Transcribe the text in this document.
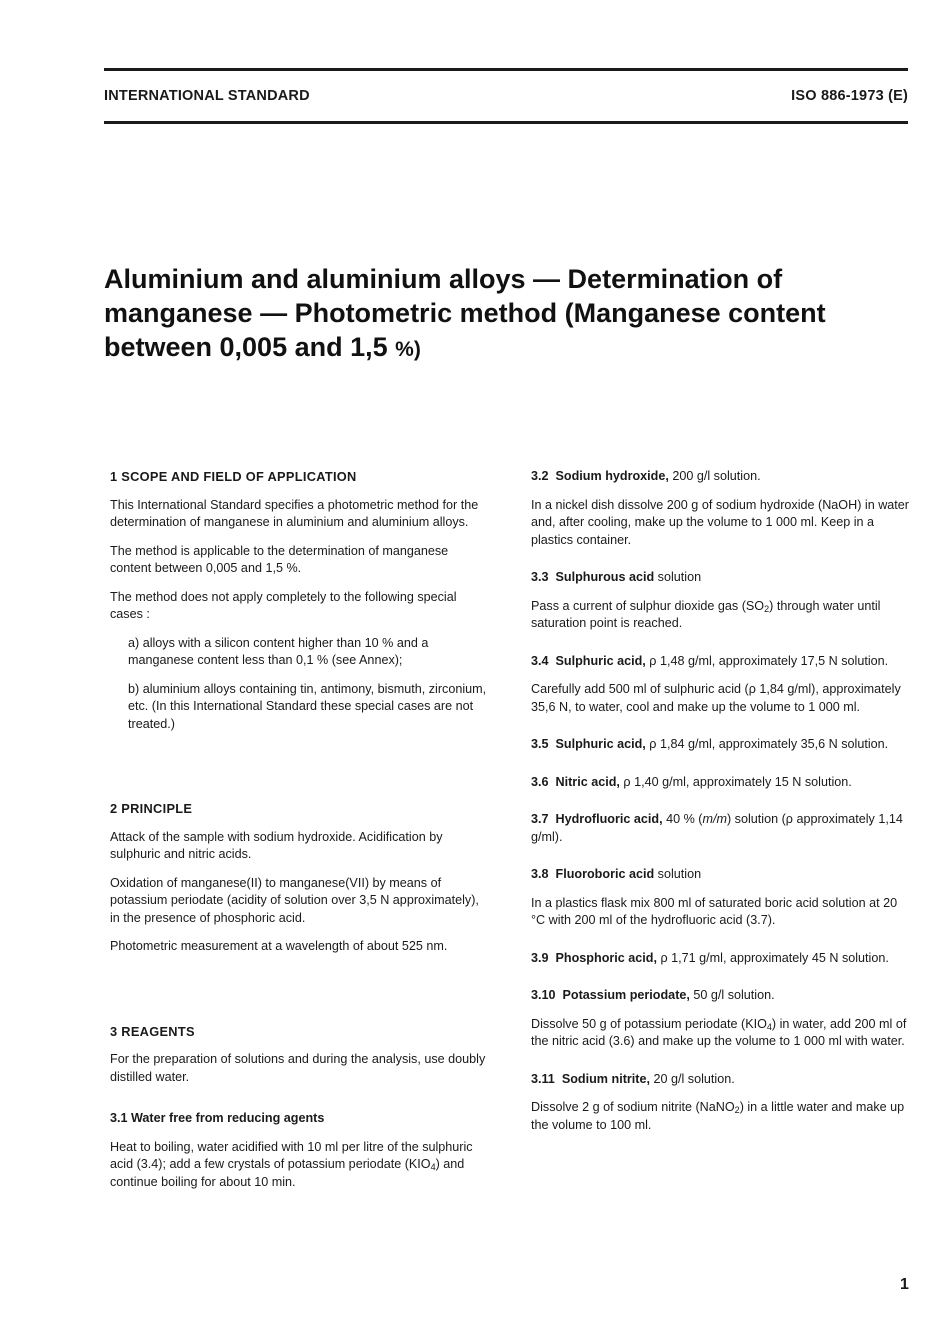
INTERNATIONAL STANDARD	ISO 886-1973 (E)
Aluminium and aluminium alloys — Determination of
manganese — Photometric method (Manganese content
between 0,005 and 1,5 %)

1 SCOPE AND FIELD OF APPLICATION

This International Standard specifies a photometric method for the determination of manganese in aluminium and aluminium alloys.

The method is applicable to the determination of manganese content between 0,005 and 1,5 %.

The method does not apply completely to the following special cases :

a) alloys with a silicon content higher than 10 % and a manganese content less than 0,1 % (see Annex);

b) aluminium alloys containing tin, antimony, bismuth, zirconium, etc. (In this International Standard these special cases are not treated.)

2 PRINCIPLE

Attack of the sample with sodium hydroxide. Acidification by sulphuric and nitric acids.

Oxidation of manganese(II) to manganese(VII) by means of potassium periodate (acidity of solution over 3,5 N approximately), in the presence of phosphoric acid.

Photometric measurement at a wavelength of about 525 nm.

3 REAGENTS

For the preparation of solutions and during the analysis, use doubly distilled water.

3.1 Water free from reducing agents

Heat to boiling, water acidified with 10 ml per litre of the sulphuric acid (3.4); add a few crystals of potassium periodate $(KIO_4)$ and continue boiling for about 10 min.

3.2 Sodium hydroxide, 200 g/l solution.

In a nickel dish dissolve 200 g of sodium hydroxide (NaOH) in water and, after cooling, make up the volume to 1 000 ml. Keep in a plastics container.

3.3 Sulphurous acid solution

Pass a current of sulphur dioxide gas $(SO_2)$ through water until saturation point is reached.

3.4 Sulphuric acid, ρ 1,48 g/ml, approximately 17,5 N solution.

Carefully add 500 ml of sulphuric acid (ρ 1,84 g/ml), approximately 35,6 N, to water, cool and make up the volume to 1 000 ml.

3.5 Sulphuric acid, ρ 1,84 g/ml, approximately 35,6 N solution.

3.6 Nitric acid, ρ 1,40 g/ml, approximately 15 N solution.

3.7 Hydrofluoric acid, 40 % (m/m) solution (ρ approximately 1,14 g/ml).

3.8 Fluoroboric acid solution

In a plastics flask mix 800 ml of saturated boric acid solution at 20 °C with 200 ml of the hydrofluoric acid (3.7).

3.9 Phosphoric acid, ρ 1,71 g/ml, approximately 45 N solution.

3.10 Potassium periodate, 50 g/l solution.

Dissolve 50 g of potassium periodate $(KIO_4)$ in water, add 200 ml of the nitric acid (3.6) and make up the volume to 1 000 ml with water.

3.11 Sodium nitrite, 20 g/l solution.

Dissolve 2 g of sodium nitrite (NaNO$_2$) in a little water and make up the volume to 100 ml.

1
